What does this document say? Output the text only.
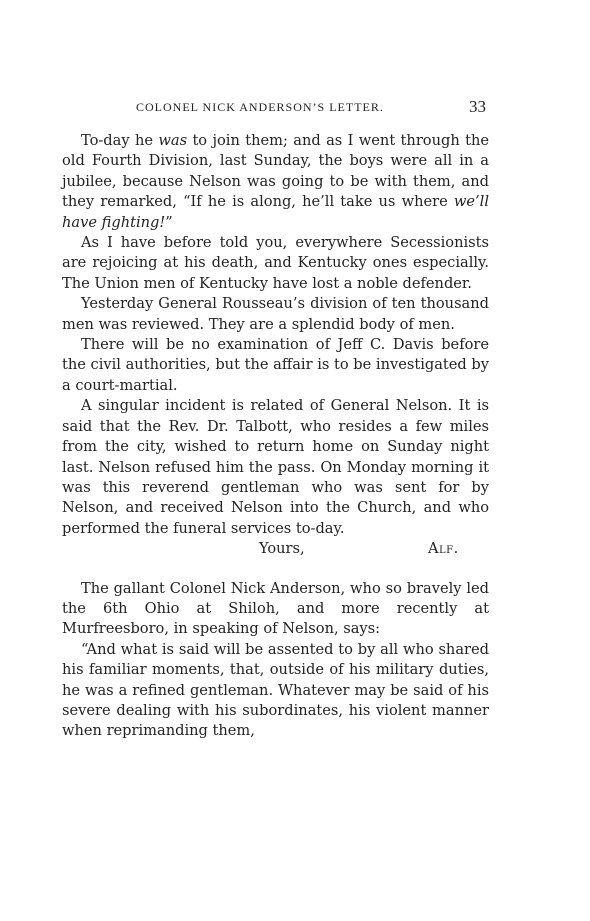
COLONEL NICK ANDERSON’S LETTER.	33

To-day he was to join them; and as I went through the old Fourth Division, last Sunday, the boys were all in a jubilee, because Nelson was going to be with them, and they remarked, “If he is along, he’ll take us where we’ll have fighting!”

As I have before told you, everywhere Secessionists are rejoicing at his death, and Kentucky ones especially. The Union men of Kentucky have lost a noble defender.

Yesterday General Rousseau’s division of ten thousand men was reviewed. They are a splendid body of men.

There will be no examination of Jeff C. Davis before the civil authorities, but the affair is to be investigated by a court-martial.

A singular incident is related of General Nelson. It is said that the Rev. Dr. Talbott, who resides a few miles from the city, wished to return home on Sunday night last. Nelson refused him the pass. On Monday morning it was this reverend gentleman who was sent for by Nelson, and received Nelson into the Church, and who performed the funeral services to-day.

Yours,	Alf.

The gallant Colonel Nick Anderson, who so bravely led the 6th Ohio at Shiloh, and more recently at Murfreesboro, in speaking of Nelson, says:

“And what is said will be assented to by all who shared his familiar moments, that, outside of his military duties, he was a refined gentleman. Whatever may be said of his severe dealing with his subordinates, his violent manner when reprimanding them,
